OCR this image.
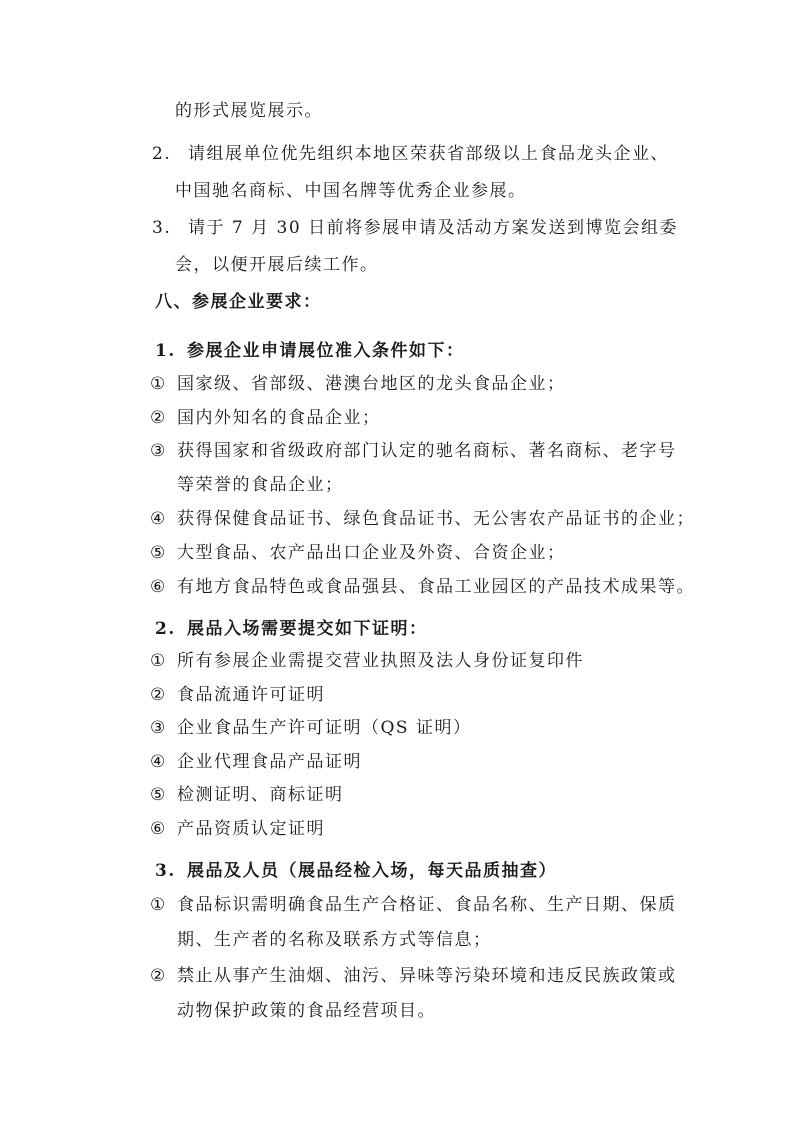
的形式展览展示。
2. 请组展单位优先组织本地区荣获省部级以上食品龙头企业、
中国驰名商标、中国名牌等优秀企业参展。
3. 请于 7 月 30 日前将参展申请及活动方案发送到博览会组委
会，以便开展后续工作。
八、参展企业要求：
1. 参展企业申请展位准入条件如下：
① 国家级、省部级、港澳台地区的龙头食品企业；
② 国内外知名的食品企业；
③ 获得国家和省级政府部门认定的驰名商标、著名商标、老字号
等荣誉的食品企业；
④ 获得保健食品证书、绿色食品证书、无公害农产品证书的企业；
⑤ 大型食品、农产品出口企业及外资、合资企业；
⑥ 有地方食品特色或食品强县、食品工业园区的产品技术成果等。
2. 展品入场需要提交如下证明：
① 所有参展企业需提交营业执照及法人身份证复印件
② 食品流通许可证明
③ 企业食品生产许可证明（QS 证明）
④ 企业代理食品产品证明
⑤ 检测证明、商标证明
⑥ 产品资质认定证明
3. 展品及人员（展品经检入场，每天品质抽查）
① 食品标识需明确食品生产合格证、食品名称、生产日期、保质
期、生产者的名称及联系方式等信息；
② 禁止从事产生油烟、油污、异味等污染环境和违反民族政策或
动物保护政策的食品经营项目。
